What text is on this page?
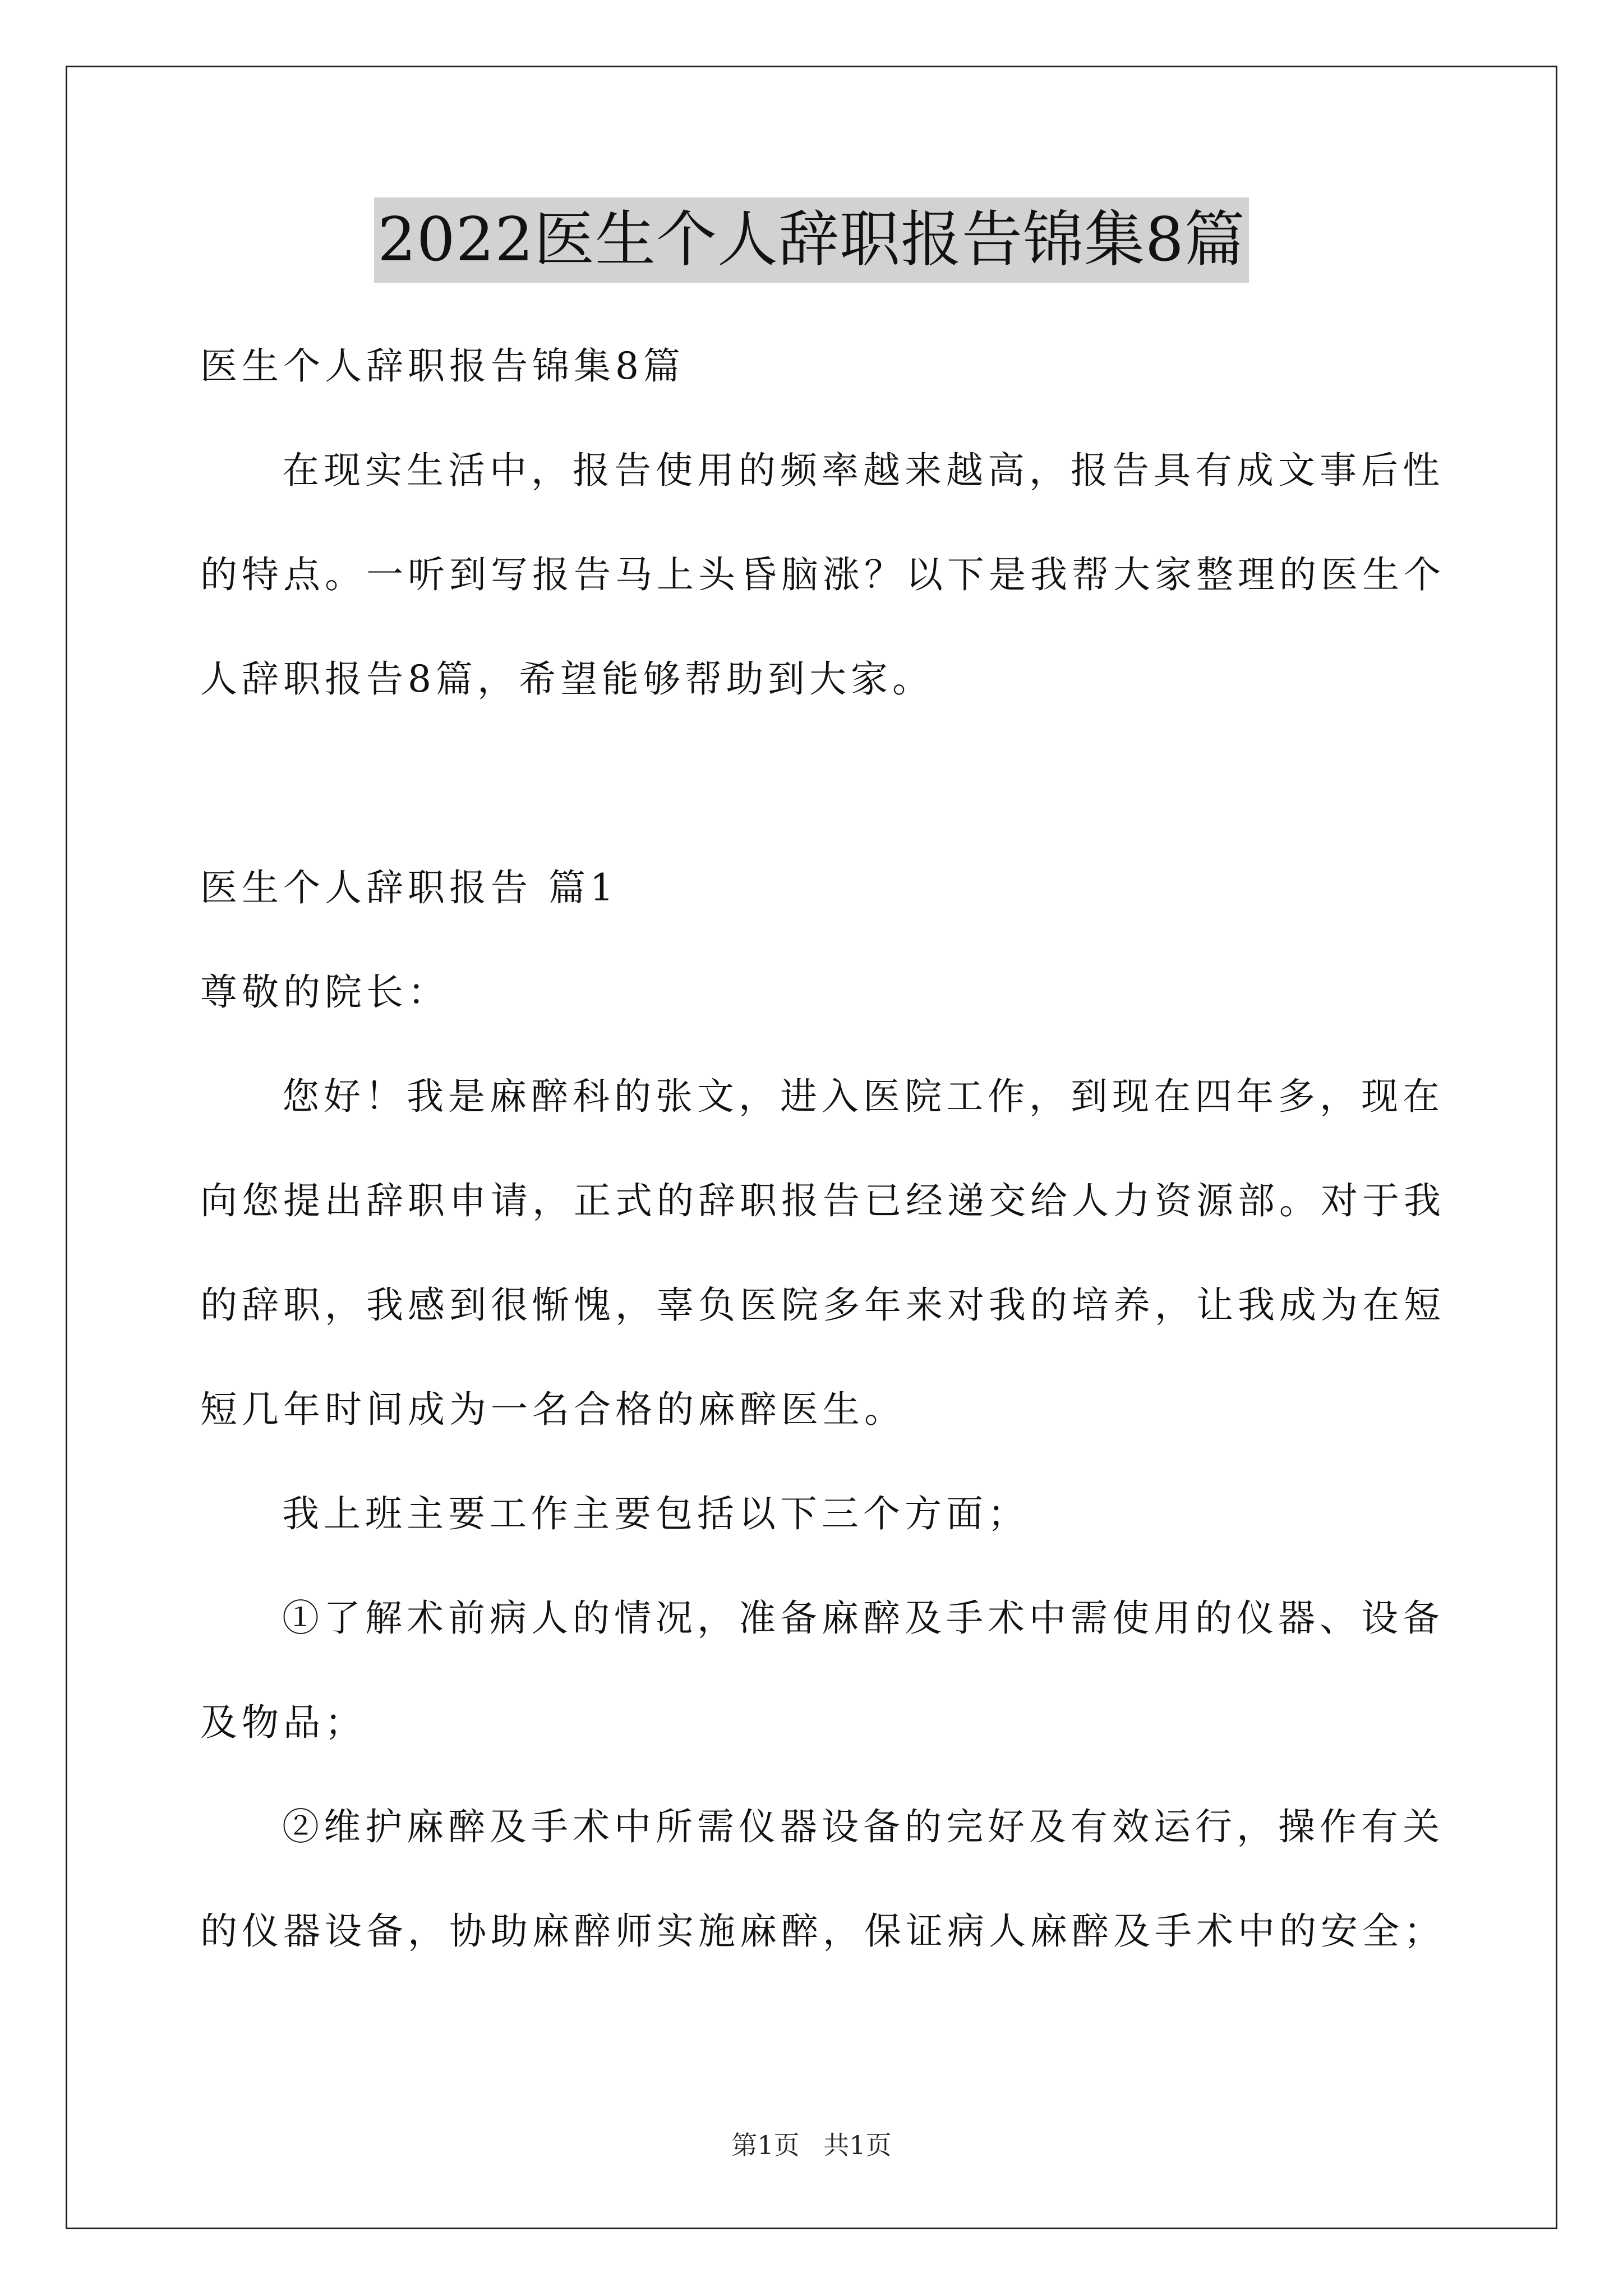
2022医生个人辞职报告锦集8篇

医生个人辞职报告锦集8篇

在现实生活中，报告使用的频率越来越高，报告具有成文事后性

的特点。一听到写报告马上头昏脑涨？以下是我帮大家整理的医生个

人辞职报告8篇，希望能够帮助到大家。

医生个人辞职报告 篇1

尊敬的院长：

您好！我是麻醉科的张文，进入医院工作，到现在四年多，现在

向您提出辞职申请，正式的辞职报告已经递交给人力资源部。对于我

的辞职，我感到很惭愧，辜负医院多年来对我的培养，让我成为在短

短几年时间成为一名合格的麻醉医生。

我上班主要工作主要包括以下三个方面；

①了解术前病人的情况，准备麻醉及手术中需使用的仪器、设备

及物品；

②维护麻醉及手术中所需仪器设备的完好及有效运行，操作有关

的仪器设备，协助麻醉师实施麻醉，保证病人麻醉及手术中的安全；

第1页 共1页
